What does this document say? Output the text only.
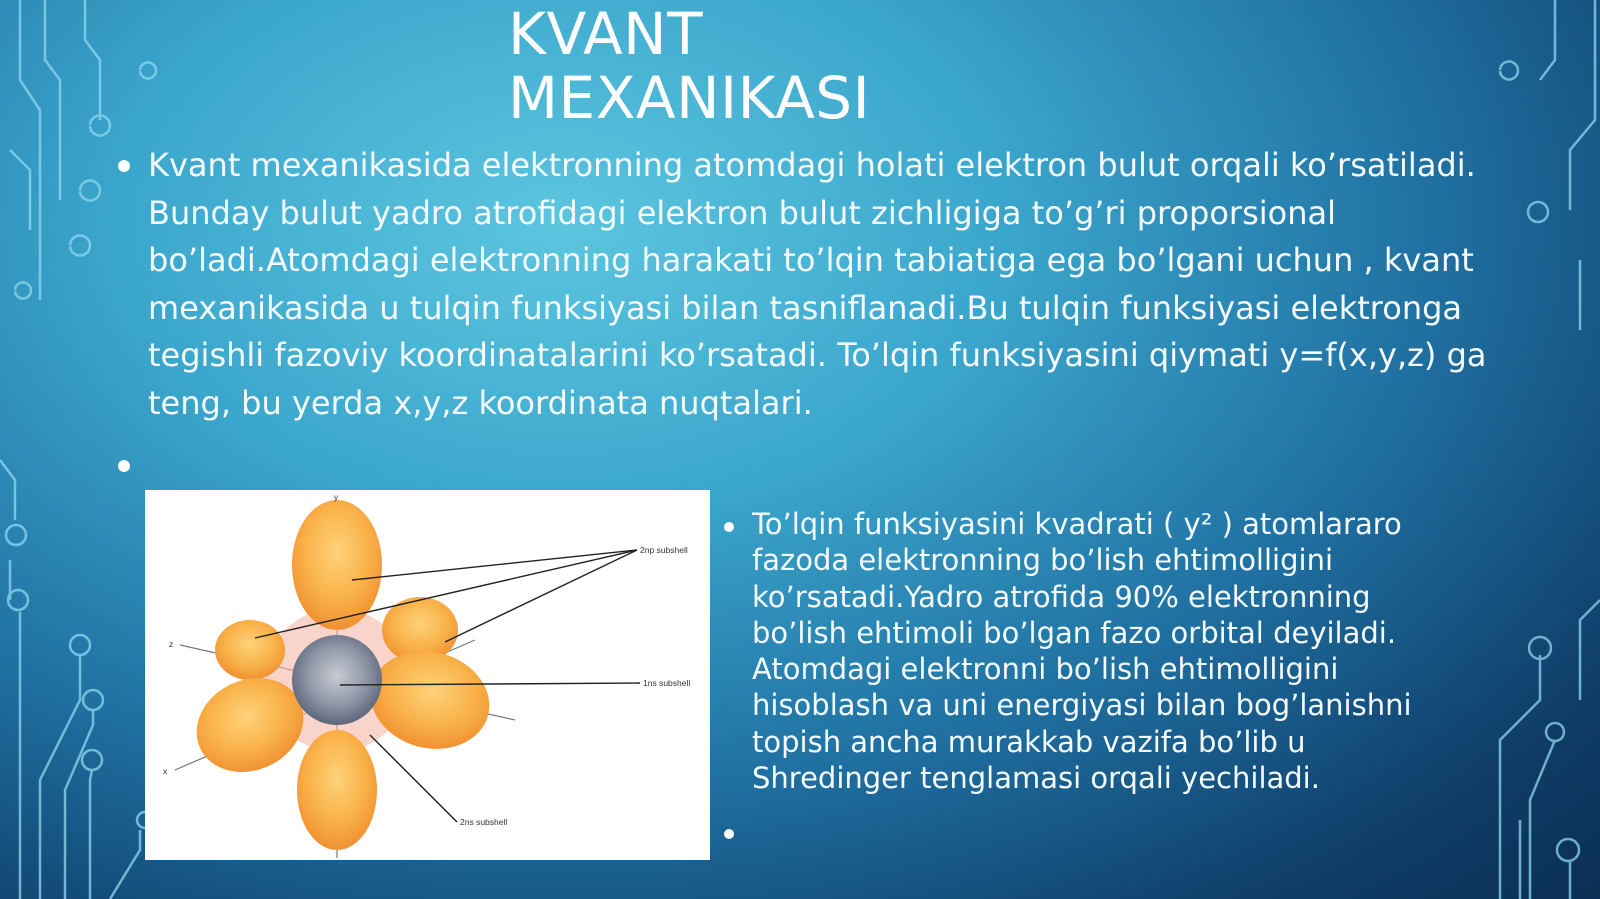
KVANT
MEXANIKASI

Kvant mexanikasida elektronning atomdagi holati elektron bulut orqali ko’rsatiladi. Bunday bulut yadro atrofidagi elektron bulut zichligiga to’g’ri proporsional bo’ladi.Atomdagi elektronning harakati to’lqin tabiatiga ega bo’lgani uchun , kvant mexanikasida u tulqin funksiyasi bilan tasniflanadi.Bu tulqin funksiyasi elektronga tegishli fazoviy koordinatalarini ko’rsatadi. To’lqin funksiyasini qiymati y=f(x,y,z) ga teng, bu yerda x,y,z koordinata nuqtalari.

2np subshell
1ns subshell
2ns subshell
y
z
x

To’lqin funksiyasini kvadrati ( y² ) atomlararo fazoda elektronning bo’lish ehtimolligini ko’rsatadi.Yadro atrofida 90% elektronning bo’lish ehtimoli bo’lgan fazo orbital deyiladi. Atomdagi elektronni bo’lish ehtimolligini hisoblash va uni energiyasi bilan bog’lanishni topish ancha murakkab vazifa bo’lib u Shredinger tenglamasi orqali yechiladi.
